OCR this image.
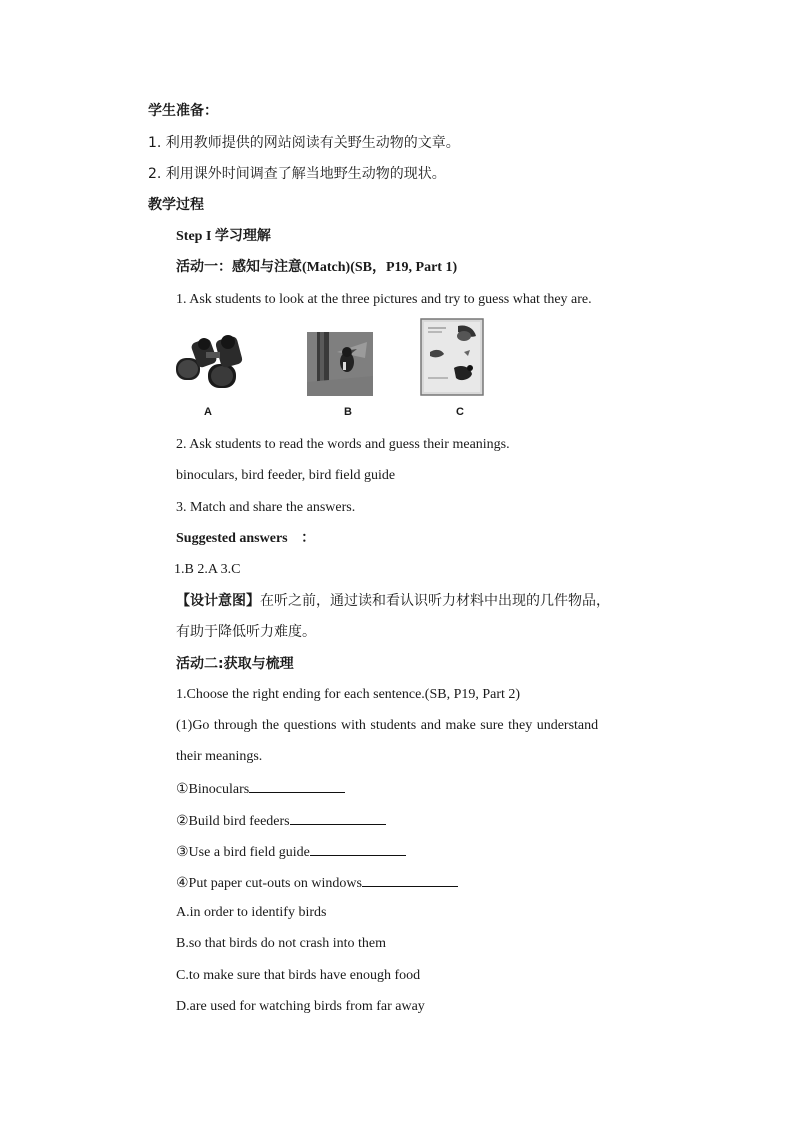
学生准备：
1. 利用教师提供的网站阅读有关野生动物的文章。
2. 利用课外时间调查了解当地野生动物的现状。
教学过程
Step I 学习理解
活动一：感知与注意(Match)(SB，P19, Part 1)
1. Ask students to look at the three pictures and try to guess what they are.
A	B	C
2. Ask students to read the words and guess their meanings.
binoculars, bird feeder, bird field guide
3. Match and share the answers.
Suggested answers ：
1.B 2.A 3.C
【设计意图】在听之前，通过读和看认识听力材料中出现的几件物品，
有助于降低听力难度。
活动二:获取与梳理
1.Choose the right ending for each sentence.(SB, P19, Part 2)
(1)Go through the questions with students and make sure they understand
their meanings.
①Binoculars
②Build bird feeders
③Use a bird field guide
④Put paper cut-outs on windows
A.in order to identify birds
B.so that birds do not crash into them
C.to make sure that birds have enough food
D.are used for watching birds from far away
